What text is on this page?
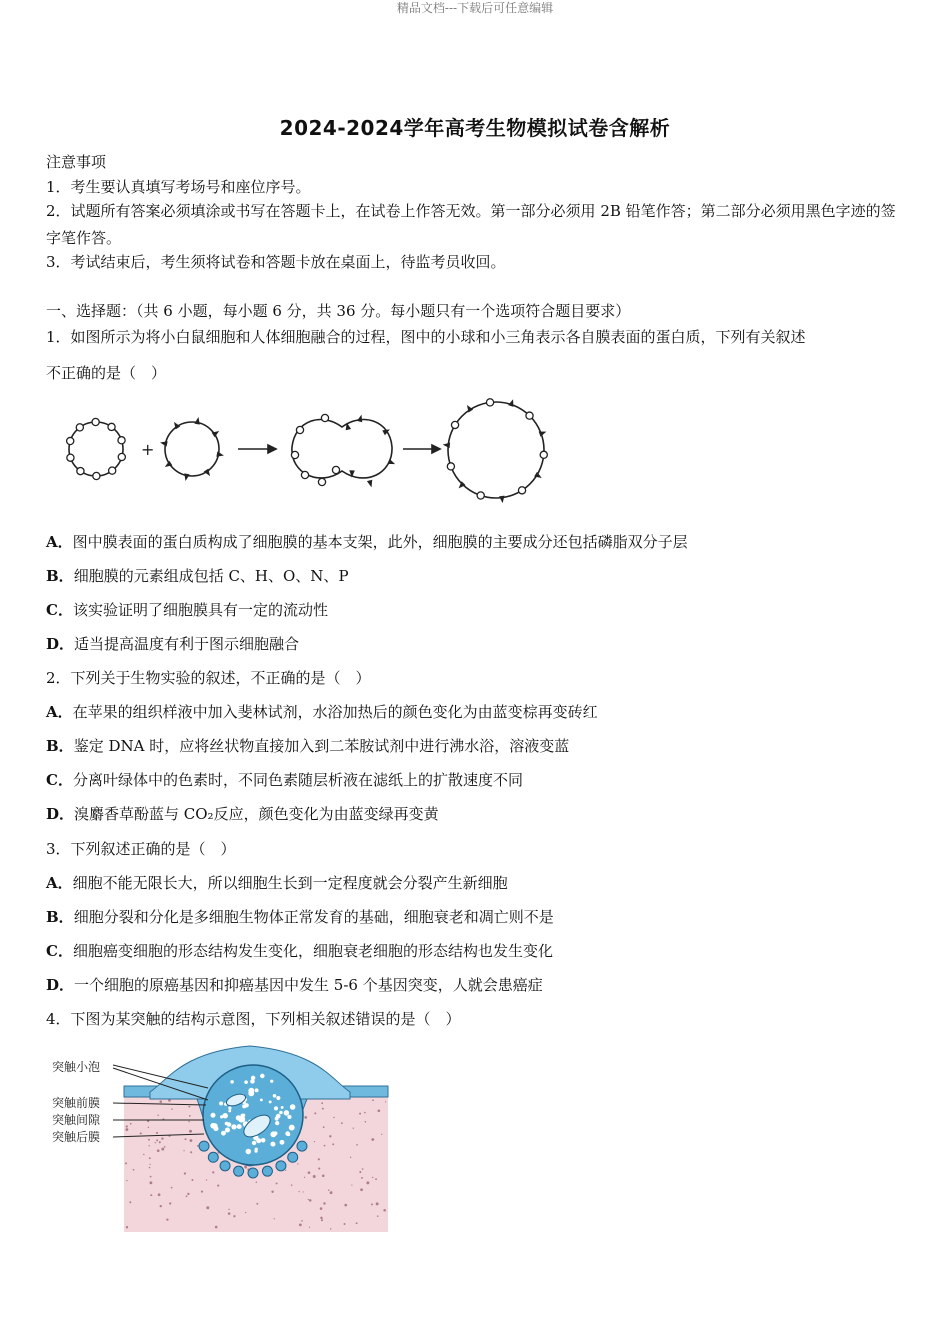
精品文档---下载后可任意编辑
2024-2024学年高考生物模拟试卷含解析
注意事项
1．考生要认真填写考场号和座位序号。
2．试题所有答案必须填涂或书写在答题卡上，在试卷上作答无效。第一部分必须用 2B 铅笔作答；第二部分必须用黑色字迹的签字笔作答。
3．考试结束后，考生须将试卷和答题卡放在桌面上，待监考员收回。
一、选择题：（共 6 小题，每小题 6 分，共 36 分。每小题只有一个选项符合题目要求）
1．如图所示为将小白鼠细胞和人体细胞融合的过程，图中的小球和小三角表示各自膜表面的蛋白质，下列有关叙述
不正确的是（　）
+
A．图中膜表面的蛋白质构成了细胞膜的基本支架，此外，细胞膜的主要成分还包括磷脂双分子层
B．细胞膜的元素组成包括 C、H、O、N、P
C．该实验证明了细胞膜具有一定的流动性
D．适当提高温度有利于图示细胞融合
2．下列关于生物实验的叙述，不正确的是（　）
A．在苹果的组织样液中加入斐林试剂，水浴加热后的颜色变化为由蓝变棕再变砖红
B．鉴定 DNA 时，应将丝状物直接加入到二苯胺试剂中进行沸水浴，溶液变蓝
C．分离叶绿体中的色素时，不同色素随层析液在滤纸上的扩散速度不同
D．溴麝香草酚蓝与 CO₂反应，颜色变化为由蓝变绿再变黄
3．下列叙述正确的是（　）
A．细胞不能无限长大，所以细胞生长到一定程度就会分裂产生新细胞
B．细胞分裂和分化是多细胞生物体正常发育的基础，细胞衰老和凋亡则不是
C．细胞癌变细胞的形态结构发生变化，细胞衰老细胞的形态结构也发生变化
D．一个细胞的原癌基因和抑癌基因中发生 5-6 个基因突变，人就会患癌症
4．下图为某突触的结构示意图，下列相关叙述错误的是（　）
突触小泡
突触前膜
突触间隙
突触后膜
